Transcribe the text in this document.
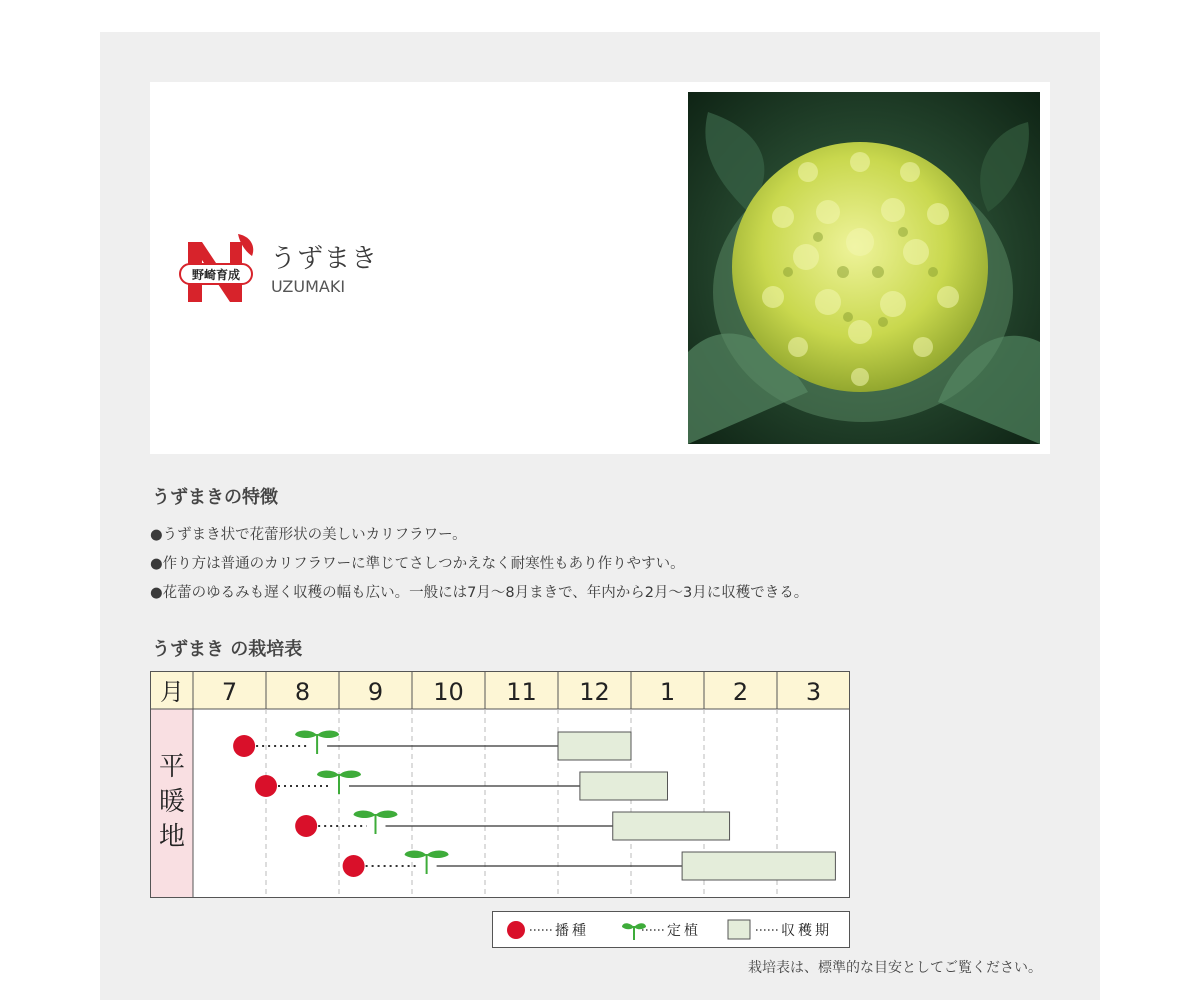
野崎育成
うずまき
UZUMAKI
うずまきの特徴
●うずまき状で花蕾形状の美しいカリフラワー。
●作り方は普通のカリフラワーに準じてさしつかえなく耐寒性もあり作りやすい。
●花蕾のゆるみも遅く収穫の幅も広い。一般には7月〜8月まきで、年内から2月〜3月に収穫できる。
うずまき の栽培表
7 8 9 10 11 12 1 2 3
月
平
暖
地
播種	定植	収穫期
栽培表は、標準的な目安としてご覧ください。
